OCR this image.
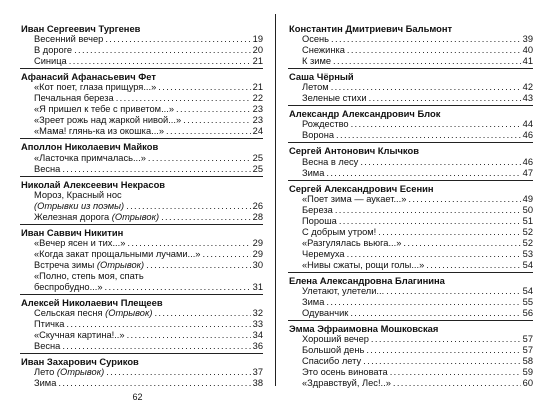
Иван Сергеевич Тургенев
Весенний вечер . . .	19
В дороге . . .	20
Синица . . .	21
Афанасий Афанасьевич Фет
«Кот поет, глаза прищуря...» . . .	21
Печальная береза . . .	22
«Я пришел к тебе с приветом...» . . .	23
«Зреет рожь над жаркой нивой...» . . .	23
«Мама! глянь-ка из окошка...» . . .	24
Аполлон Николаевич Майков
«Ласточка примчалась...» . . .	25
Весна . . .	25
Николай Алексеевич Некрасов
Мороз, Красный нос
(Отрывки из поэмы) . . .	26
Железная дорога (Отрывок) . . .	28
Иван Саввич Никитин
«Вечер ясен и тих...» . . .	29
«Когда закат прощальными лучами...» . . .	29
Встреча зимы (Отрывок) . . .	30
«Полно, степь моя, спать
беспробудно...» . . .	31
Алексей Николаевич Плещеев
Сельская песня (Отрывок) . . .	32
Птичка . . .	33
«Скучная картина!..» . . .	34
Весна . . .	36
Иван Захарович Суриков
Лето (Отрывок) . . .	37
Зима . . .	38
Константин Дмитриевич Бальмонт
Осень . . .	39
Снежинка . . .	40
К зиме . . .	41
Саша Чёрный
Летом . . .	42
Зеленые стихи . . .	43
Александр Александрович Блок
Рождество . . .	44
Ворона . . .	46
Сергей Антонович Клычков
Весна в лесу . . .	46
Зима . . .	47
Сергей Александрович Есенин
«Поет зима — аукает...» . . .	49
Береза . . .	50
Пороша . . .	51
С добрым утром! . . .	52
«Разгулялась вьюга...» . . .	52
Черемуха . . .	53
«Нивы сжаты, рощи голы...» . . .	54
Елена Александровна Благинина
Улетают, улетели... . . .	54
Зима . . .	55
Одуванчик . . .	56
Эмма Эфраимовна Мошковская
Хороший вечер . . .	57
Большой день . . .	57
Спасибо лету . . .	58
Это осень виновата . . .	59
«Здравствуй, Лес!..» . . .	60
62
